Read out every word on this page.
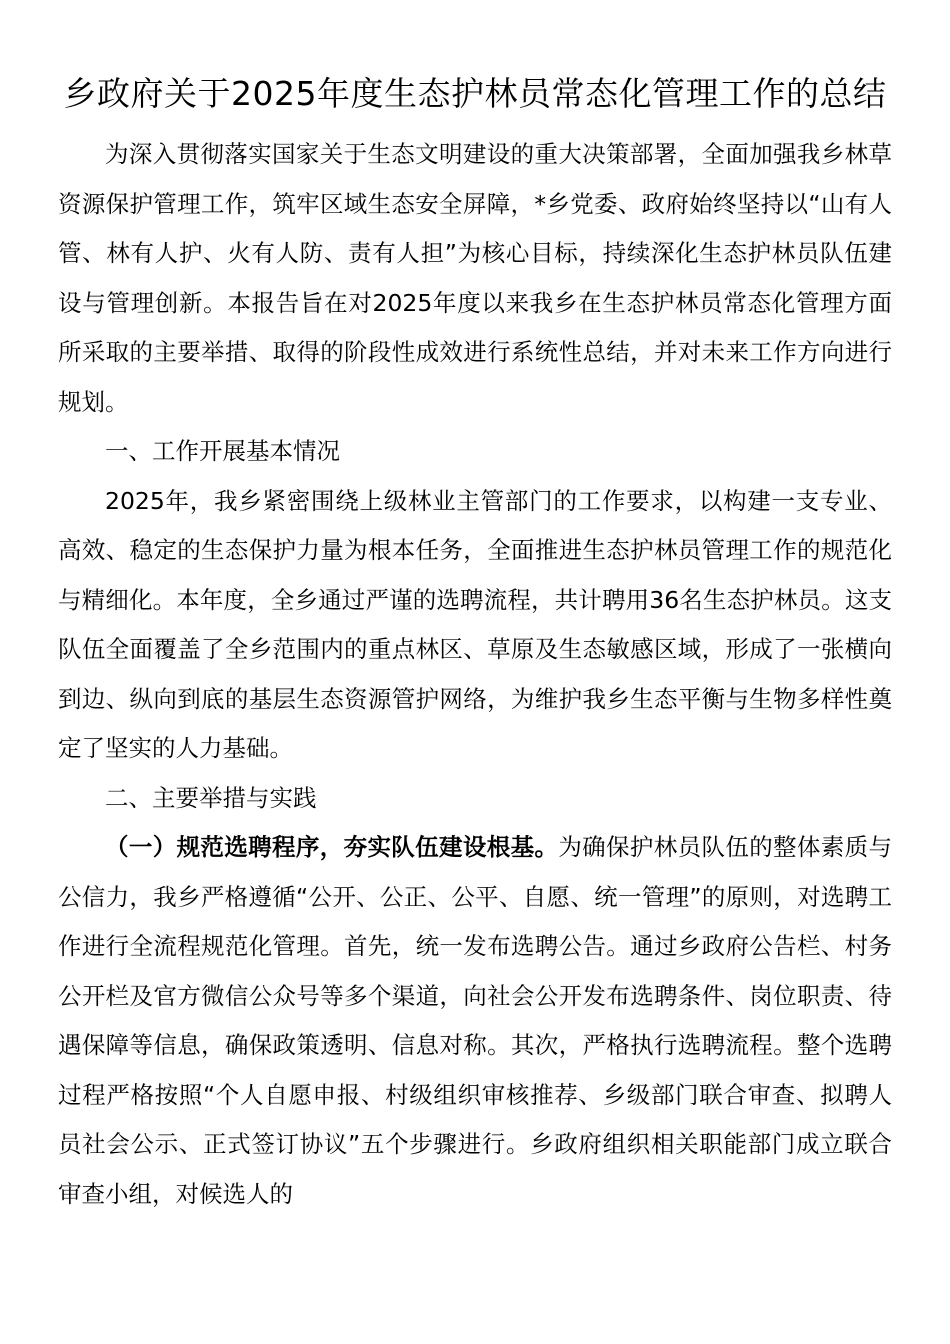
乡政府关于2025年度生态护林员常态化管理工作的总结

为深入贯彻落实国家关于生态文明建设的重大决策部署，全面加强我乡林草资源保护管理工作，筑牢区域生态安全屏障，*乡党委、政府始终坚持以“山有人管、林有人护、火有人防、责有人担”为核心目标，持续深化生态护林员队伍建设与管理创新。本报告旨在对2025年度以来我乡在生态护林员常态化管理方面所采取的主要举措、取得的阶段性成效进行系统性总结，并对未来工作方向进行规划。

一、工作开展基本情况

2025年，我乡紧密围绕上级林业主管部门的工作要求，以构建一支专业、高效、稳定的生态保护力量为根本任务，全面推进生态护林员管理工作的规范化与精细化。本年度，全乡通过严谨的选聘流程，共计聘用36名生态护林员。这支队伍全面覆盖了全乡范围内的重点林区、草原及生态敏感区域，形成了一张横向到边、纵向到底的基层生态资源管护网络，为维护我乡生态平衡与生物多样性奠定了坚实的人力基础。

二、主要举措与实践

（一）规范选聘程序，夯实队伍建设根基。为确保护林员队伍的整体素质与公信力，我乡严格遵循“公开、公正、公平、自愿、统一管理”的原则，对选聘工作进行全流程规范化管理。首先，统一发布选聘公告。通过乡政府公告栏、村务公开栏及官方微信公众号等多个渠道，向社会公开发布选聘条件、岗位职责、待遇保障等信息，确保政策透明、信息对称。其次，严格执行选聘流程。整个选聘过程严格按照“个人自愿申报、村级组织审核推荐、乡级部门联合审查、拟聘人员社会公示、正式签订协议”五个步骤进行。乡政府组织相关职能部门成立联合审查小组，对候选人的
